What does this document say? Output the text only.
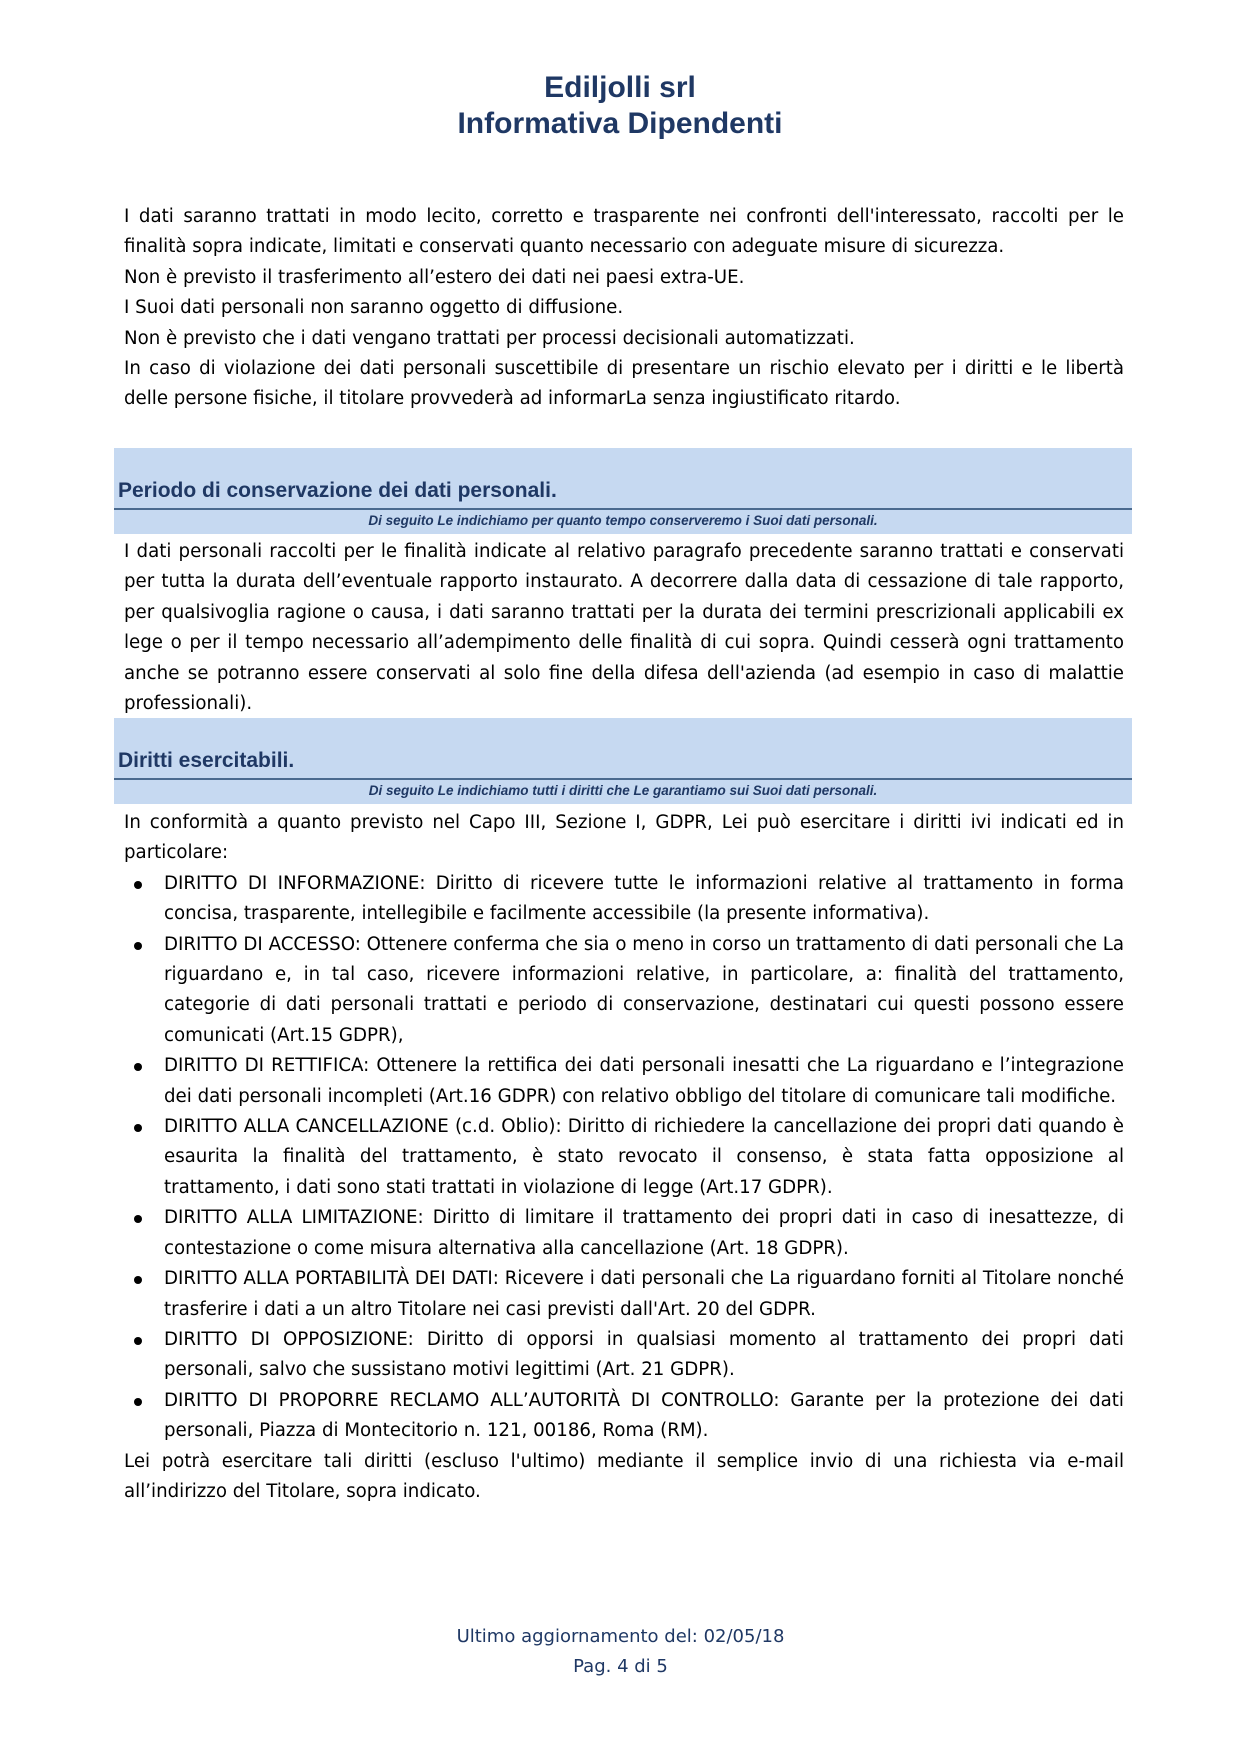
Ediljolli srl
Informativa Dipendenti

I dati saranno trattati in modo lecito, corretto e trasparente nei confronti dell'interessato, raccolti per le finalità sopra indicate, limitati e conservati quanto necessario con adeguate misure di sicurezza.

Non è previsto il trasferimento all’estero dei dati nei paesi extra-UE.

I Suoi dati personali non saranno oggetto di diffusione.

Non è previsto che i dati vengano trattati per processi decisionali automatizzati.

In caso di violazione dei dati personali suscettibile di presentare un rischio elevato per i diritti e le libertà delle persone fisiche, il titolare provvederà ad informarLa senza ingiustificato ritardo.

Periodo di conservazione dei dati personali.
Di seguito Le indichiamo per quanto tempo conserveremo i Suoi dati personali.

I dati personali raccolti per le finalità indicate al relativo paragrafo precedente saranno trattati e conservati per tutta la durata dell’eventuale rapporto instaurato. A decorrere dalla data di cessazione di tale rapporto, per qualsivoglia ragione o causa, i dati saranno trattati per la durata dei termini prescrizionali applicabili ex lege o per il tempo necessario all’adempimento delle finalità di cui sopra. Quindi cesserà ogni trattamento anche se potranno essere conservati al solo fine della difesa dell'azienda (ad esempio in caso di malattie professionali).

Diritti esercitabili.
Di seguito Le indichiamo tutti i diritti che Le garantiamo sui Suoi dati personali.

In conformità a quanto previsto nel Capo III, Sezione I, GDPR, Lei può esercitare i diritti ivi indicati ed in particolare:

DIRITTO DI INFORMAZIONE: Diritto di ricevere tutte le informazioni relative al trattamento in forma concisa, trasparente, intellegibile e facilmente accessibile (la presente informativa).
DIRITTO DI ACCESSO: Ottenere conferma che sia o meno in corso un trattamento di dati personali che La riguardano e, in tal caso, ricevere informazioni relative, in particolare, a: finalità del trattamento, categorie di dati personali trattati e periodo di conservazione, destinatari cui questi possono essere comunicati (Art.15 GDPR),
DIRITTO DI RETTIFICA: Ottenere la rettifica dei dati personali inesatti che La riguardano e l’integrazione dei dati personali incompleti (Art.16 GDPR) con relativo obbligo del titolare di comunicare tali modifiche.
DIRITTO ALLA CANCELLAZIONE (c.d. Oblio): Diritto di richiedere la cancellazione dei propri dati quando è esaurita la finalità del trattamento, è stato revocato il consenso, è stata fatta opposizione al trattamento, i dati sono stati trattati in violazione di legge (Art.17 GDPR).
DIRITTO ALLA LIMITAZIONE: Diritto di limitare il trattamento dei propri dati in caso di inesattezze, di contestazione o come misura alternativa alla cancellazione (Art. 18 GDPR).
DIRITTO ALLA PORTABILITÀ DEI DATI: Ricevere i dati personali che La riguardano forniti al Titolare nonché trasferire i dati a un altro Titolare nei casi previsti dall'Art. 20 del GDPR.
DIRITTO DI OPPOSIZIONE: Diritto di opporsi in qualsiasi momento al trattamento dei propri dati personali, salvo che sussistano motivi legittimi (Art. 21 GDPR).
DIRITTO DI PROPORRE RECLAMO ALL’AUTORITÀ DI CONTROLLO: Garante per la protezione dei dati personali, Piazza di Montecitorio n. 121, 00186, Roma (RM).

Lei potrà esercitare tali diritti (escluso l'ultimo) mediante il semplice invio di una richiesta via e-mail all’indirizzo del Titolare, sopra indicato.

Ultimo aggiornamento del: 02/05/18
Pag. 4 di 5
